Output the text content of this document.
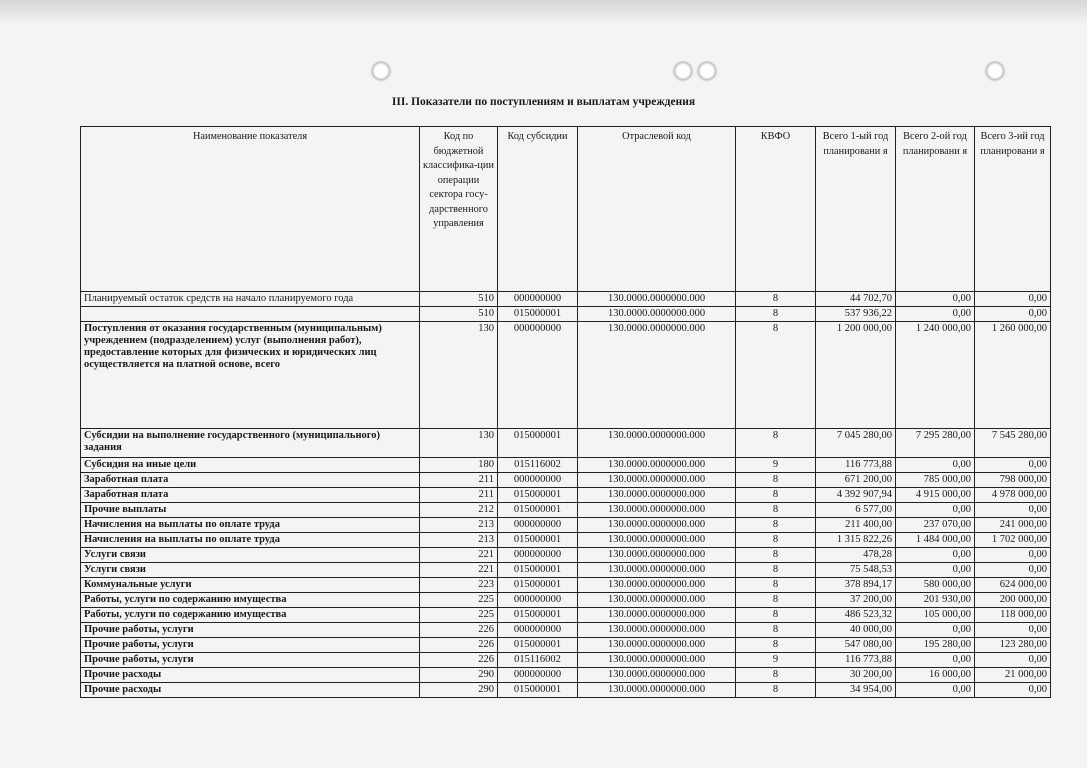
III. Показатели по поступлениям и выплатам учреждения
Наименование показателя	Код по бюджетной классифика-ции операции сектора госу-дарственного управления	Код субсидии	Отраслевой код	КВФО	Всего 1-ый год планировани я	Всего 2-ой год планировани я	Всего 3-ий год планировани я
Планируемый остаток средств на начало планируемого года	510	000000000	130.0000.0000000.000	8	44 702,70	0,00	0,00
	510	015000001	130.0000.0000000.000	8	537 936,22	0,00	0,00
Поступления от оказания государственным (муниципальным) учреждением (подразделением) услуг (выполнения работ), предоставление которых для физических и юридических лиц осуществляется на платной основе, всего	130	000000000	130.0000.0000000.000	8	1 200 000,00	1 240 000,00	1 260 000,00
Субсидии на выполнение государственного (муниципального) задания	130	015000001	130.0000.0000000.000	8	7 045 280,00	7 295 280,00	7 545 280,00
Субсидия на иные цели	180	015116002	130.0000.0000000.000	9	116 773,88	0,00	0,00
Заработная плата	211	000000000	130.0000.0000000.000	8	671 200,00	785 000,00	798 000,00
Заработная плата	211	015000001	130.0000.0000000.000	8	4 392 907,94	4 915 000,00	4 978 000,00
Прочие выплаты	212	015000001	130.0000.0000000.000	8	6 577,00	0,00	0,00
Начисления на выплаты по оплате труда	213	000000000	130.0000.0000000.000	8	211 400,00	237 070,00	241 000,00
Начисления на выплаты по оплате труда	213	015000001	130.0000.0000000.000	8	1 315 822,26	1 484 000,00	1 702 000,00
Услуги связи	221	000000000	130.0000.0000000.000	8	478,28	0,00	0,00
Услуги связи	221	015000001	130.0000.0000000.000	8	75 548,53	0,00	0,00
Коммунальные услуги	223	015000001	130.0000.0000000.000	8	378 894,17	580 000,00	624 000,00
Работы, услуги по содержанию имущества	225	000000000	130.0000.0000000.000	8	37 200,00	201 930,00	200 000,00
Работы, услуги по содержанию имущества	225	015000001	130.0000.0000000.000	8	486 523,32	105 000,00	118 000,00
Прочие работы, услуги	226	000000000	130.0000.0000000.000	8	40 000,00	0,00	0,00
Прочие работы, услуги	226	015000001	130.0000.0000000.000	8	547 080,00	195 280,00	123 280,00
Прочие работы, услуги	226	015116002	130.0000.0000000.000	9	116 773,88	0,00	0,00
Прочие расходы	290	000000000	130.0000.0000000.000	8	30 200,00	16 000,00	21 000,00
Прочие расходы	290	015000001	130.0000.0000000.000	8	34 954,00	0,00	0,00
